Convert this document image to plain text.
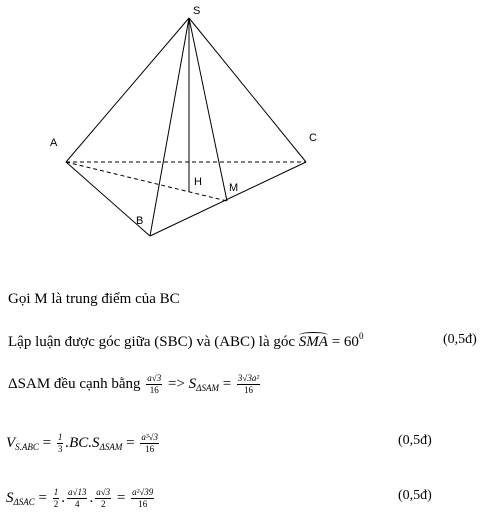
S
A	C
H M
B
Gọi M là trung điểm của BC
Lập luận được góc giữa (SBC) và (ABC) là góc SMA = $60^0$	(0,5đ)
ΔSAM đều cạnh bằng $\frac{a√3}{16} => S_{\Delta SAM} = \frac{\text{3√3a²}}{16}$
$V_{S.ABC} = \frac{1}{3} .BC.S_{\Delta SAM} = \frac{\text{a³√3}}{16}$	(0,5đ)
$S_{\Delta SAC} = \frac{1}{2}$ . $\frac{a√13}{4}$ . $\frac{a√3}{2} = \frac{\text{a²√39}}{16}$	(0,5đ)
